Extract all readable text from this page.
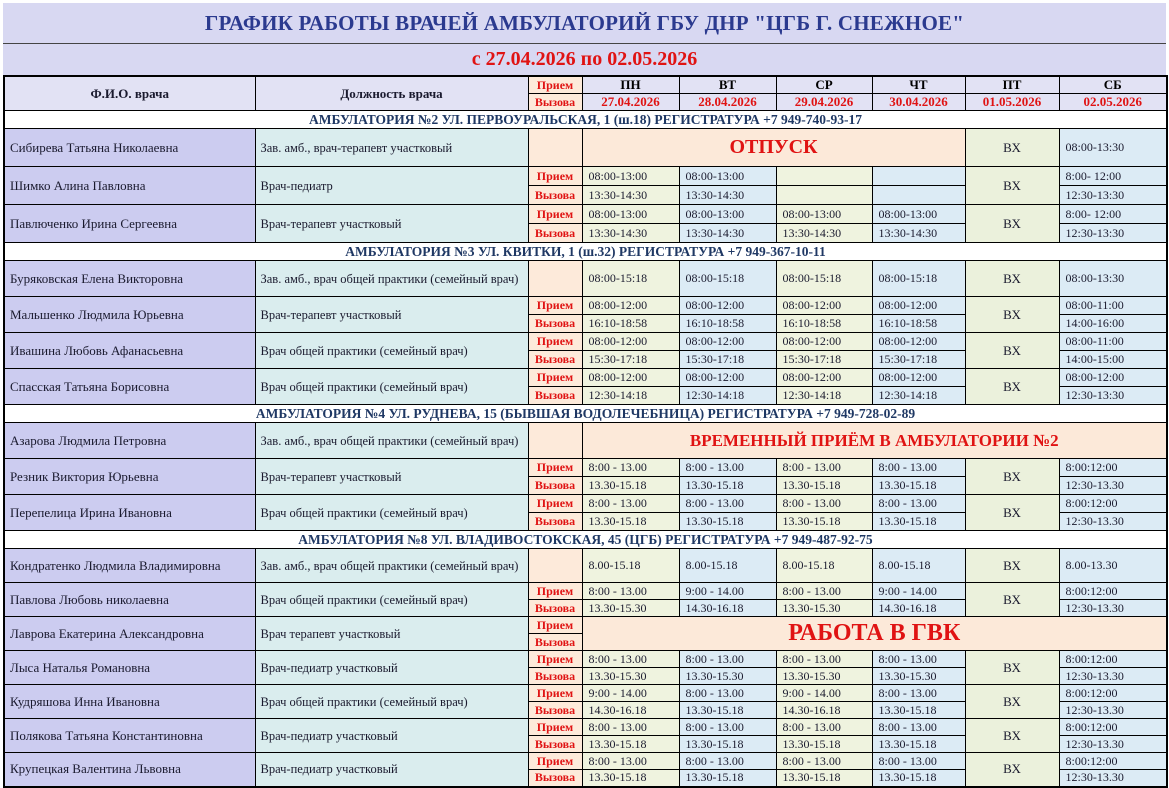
ГРАФИК РАБОТЫ ВРАЧЕЙ АМБУЛАТОРИЙ ГБУ ДНР "ЦГБ Г. СНЕЖНОЕ"
с 27.04.2026 по 02.05.2026
Ф.И.О. врача	Должность врача	Прием	ПН	ВТ	СР	ЧТ	ПТ	СБ
		Вызова	27.04.2026	28.04.2026	29.04.2026	30.04.2026	01.05.2026	02.05.2026
АМБУЛАТОРИЯ №2 УЛ. ПЕРВОУРАЛЬСКАЯ, 1 (ш.18) РЕГИСТРАТУРА +7 949-740-93-17								
Сибирева Татьяна Николаевна	Зав. амб., врач-терапевт участковый		ОТПУСК				ВХ	08:00-13:30

Шимко Алина Павловна	Врач-педиатр	Прием	08:00-13:00	08:00-13:00			ВХ	8:00- 12:00
		Вызова	13:30-14:30	13:30-14:30				12:30-13:30
Павлюченко Ирина Сергеевна	Врач-терапевт участковый	Прием	08:00-13:00	08:00-13:00	08:00-13:00	08:00-13:00	ВХ	8:00- 12:00
		Вызова	13:30-14:30	13:30-14:30	13:30-14:30	13:30-14:30		12:30-13:30
АМБУЛАТОРИЯ №3 УЛ. КВИТКИ, 1 (ш.32) РЕГИСТРАТУРА +7 949-367-10-11								
Буряковская Елена Викторовна	Зав. амб., врач общей практики (семейный врач)		08:00-15:18	08:00-15:18	08:00-15:18	08:00-15:18	ВХ	08:00-13:30

Мальшенко Людмила Юрьевна	Врач-терапевт участковый	Прием	08:00-12:00	08:00-12:00	08:00-12:00	08:00-12:00	ВХ	08:00-11:00
		Вызова	16:10-18:58	16:10-18:58	16:10-18:58	16:10-18:58		14:00-16:00
Ивашина Любовь Афанасьевна	Врач общей практики (семейный врач)	Прием	08:00-12:00	08:00-12:00	08:00-12:00	08:00-12:00	ВХ	08:00-11:00
		Вызова	15:30-17:18	15:30-17:18	15:30-17:18	15:30-17:18		14:00-15:00
Спасская Татьяна Борисовна	Врач общей практики (семейный врач)	Прием	08:00-12:00	08:00-12:00	08:00-12:00	08:00-12:00	ВХ	08:00-12:00
		Вызова	12:30-14:18	12:30-14:18	12:30-14:18	12:30-14:18		12:30-13:30
АМБУЛАТОРИЯ №4 УЛ. РУДНЕВА, 15 (БЫВШАЯ ВОДОЛЕЧЕБНИЦА) РЕГИСТРАТУРА +7 949-728-02-89								
Азарова Людмила Петровна	Зав. амб., врач общей практики (семейный врач)		ВРЕМЕННЫЙ ПРИЁМ В АМБУЛАТОРИИ №2					

Резник Виктория Юрьевна	Врач-терапевт участковый	Прием	8:00 - 13.00	8:00 - 13.00	8:00 - 13.00	8:00 - 13.00	ВХ	8:00:12:00
		Вызова	13.30-15.18	13.30-15.18	13.30-15.18	13.30-15.18		12:30-13.30
Перепелица Ирина Ивановна	Врач общей практики (семейный врач)	Прием	8:00 - 13.00	8:00 - 13.00	8:00 - 13.00	8:00 - 13.00	ВХ	8:00:12:00
		Вызова	13.30-15.18	13.30-15.18	13.30-15.18	13.30-15.18		12:30-13.30
АМБУЛАТОРИЯ №8 УЛ. ВЛАДИВОСТОКСКАЯ, 45 (ЦГБ) РЕГИСТРАТУРА +7 949-487-92-75								
Кондратенко Людмила Владимировна	Зав. амб., врач общей практики (семейный врач)		8.00-15.18	8.00-15.18	8.00-15.18	8.00-15.18	ВХ	8.00-13.30

Павлова Любовь николаевна	Врач общей практики (семейный врач)	Прием	8:00 - 13.00	9:00 - 14.00	8:00 - 13.00	9:00 - 14.00	ВХ	8:00:12:00
		Вызова	13.30-15.30	14.30-16.18	13.30-15.30	14.30-16.18		12:30-13.30
Лаврова Екатерина Александровна	Врач терапевт участковый	Прием	РАБОТА В ГВК					
		Вызова						
Лыса Наталья Романовна	Врач-педиатр участковый	Прием	8:00 - 13.00	8:00 - 13.00	8:00 - 13.00	8:00 - 13.00	ВХ	8:00:12:00
		Вызова	13.30-15.30	13.30-15.30	13.30-15.30	13.30-15.30		12:30-13.30
Кудряшова Инна Ивановна	Врач общей практики (семейный врач)	Прием	9:00 - 14.00	8:00 - 13.00	9:00 - 14.00	8:00 - 13.00	ВХ	8:00:12:00
		Вызова	14.30-16.18	13.30-15.18	14.30-16.18	13.30-15.18		12:30-13.30
Полякова Татьяна Константиновна	Врач-педиатр участковый	Прием	8:00 - 13.00	8:00 - 13.00	8:00 - 13.00	8:00 - 13.00	ВХ	8:00:12:00
		Вызова	13.30-15.18	13.30-15.18	13.30-15.18	13.30-15.18		12:30-13.30
Крупецкая Валентина Львовна	Врач-педиатр участковый	Прием	8:00 - 13.00	8:00 - 13.00	8:00 - 13.00	8:00 - 13.00	ВХ	8:00:12:00
		Вызова	13.30-15.18	13.30-15.18	13.30-15.18	13.30-15.18		12:30-13.30
